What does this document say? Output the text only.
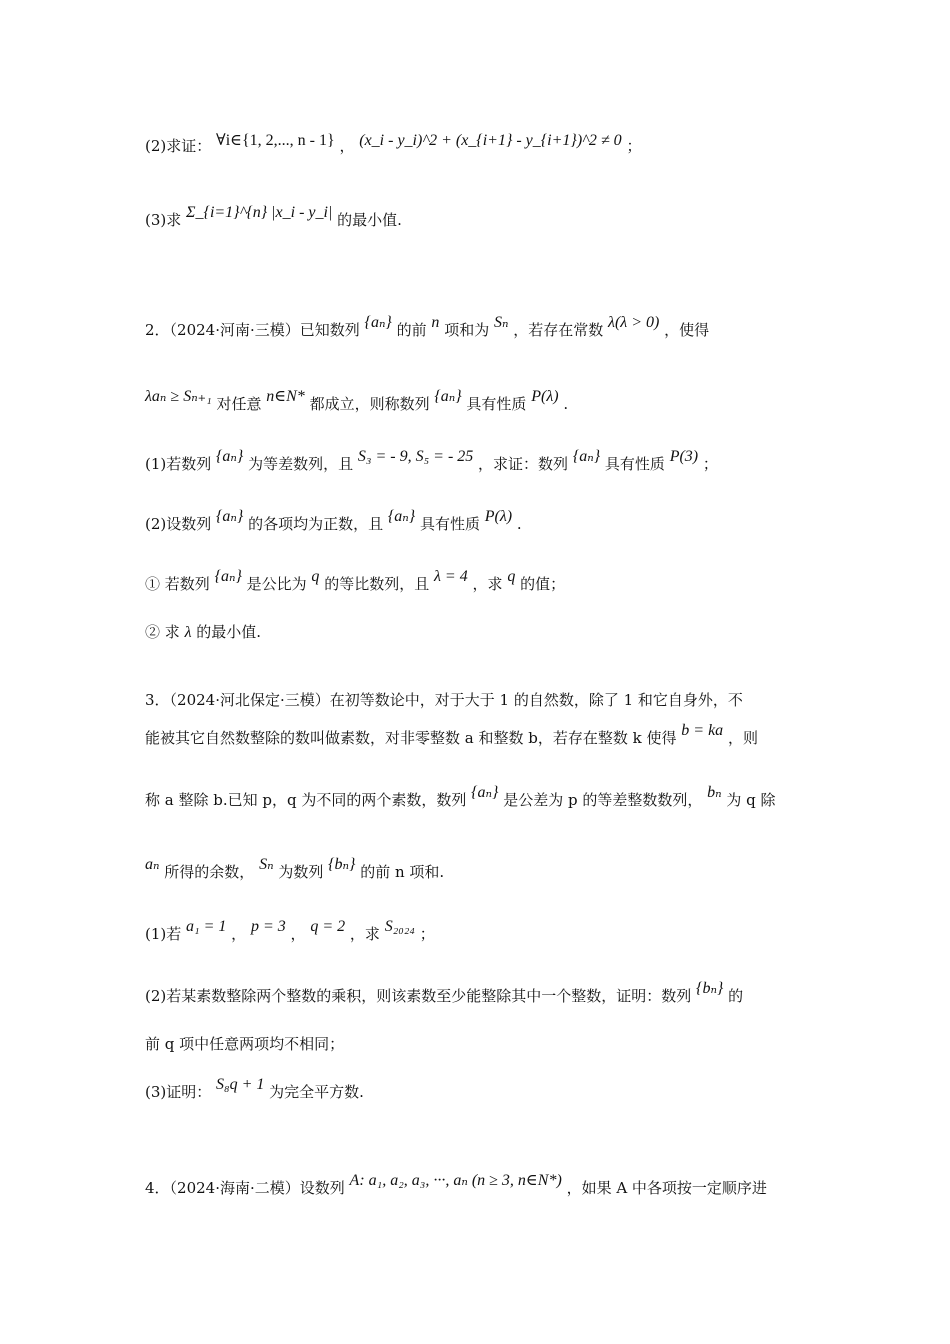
(2)求证： ∀i∈{1, 2,..., n - 1} ， (x_i - y_i)^2 + (x_{i+1} - y_{i+1})^2 ≠ 0 ；
(3)求 Σ_{i=1}^{n} |x_i - y_i| 的最小值.
2．（2024·河南·三模）已知数列 {aₙ} 的前 n 项和为 Sₙ ，若存在常数 λ(λ > 0) ，使得
λaₙ ≥ Sₙ₊₁ 对任意 n∈N* 都成立，则称数列 {aₙ} 具有性质 P(λ) .
(1)若数列 {aₙ} 为等差数列，且 S₃ = - 9, S₅ = - 25 ，求证：数列 {aₙ} 具有性质 P(3) ；
(2)设数列 {aₙ} 的各项均为正数，且 {aₙ} 具有性质 P(λ) .
① 若数列 {aₙ} 是公比为 q 的等比数列，且 λ = 4 ，求 q 的值；
② 求 λ 的最小值.
3．（2024·河北保定·三模）在初等数论中，对于大于 1 的自然数，除了 1 和它自身外，不
能被其它自然数整除的数叫做素数，对非零整数 a 和整数 b，若存在整数 k 使得 b = ka ，则
称 a 整除 b.已知 p，q 为不同的两个素数，数列 {aₙ} 是公差为 p 的等差整数数列， bₙ 为 q 除
aₙ 所得的余数， Sₙ 为数列 {bₙ} 的前 n 项和.
(1)若 a₁ = 1 ， p = 3 ， q = 2 ，求 S₂₀₂₄ ；
(2)若某素数整除两个整数的乘积，则该素数至少能整除其中一个整数，证明：数列 {bₙ} 的
前 q 项中任意两项均不相同；
(3)证明： S₈q + 1 为完全平方数.
4．（2024·海南·二模）设数列 A: a₁, a₂, a₃, ···, aₙ (n ≥ 3, n∈N*) ，如果 A 中各项按一定顺序进
